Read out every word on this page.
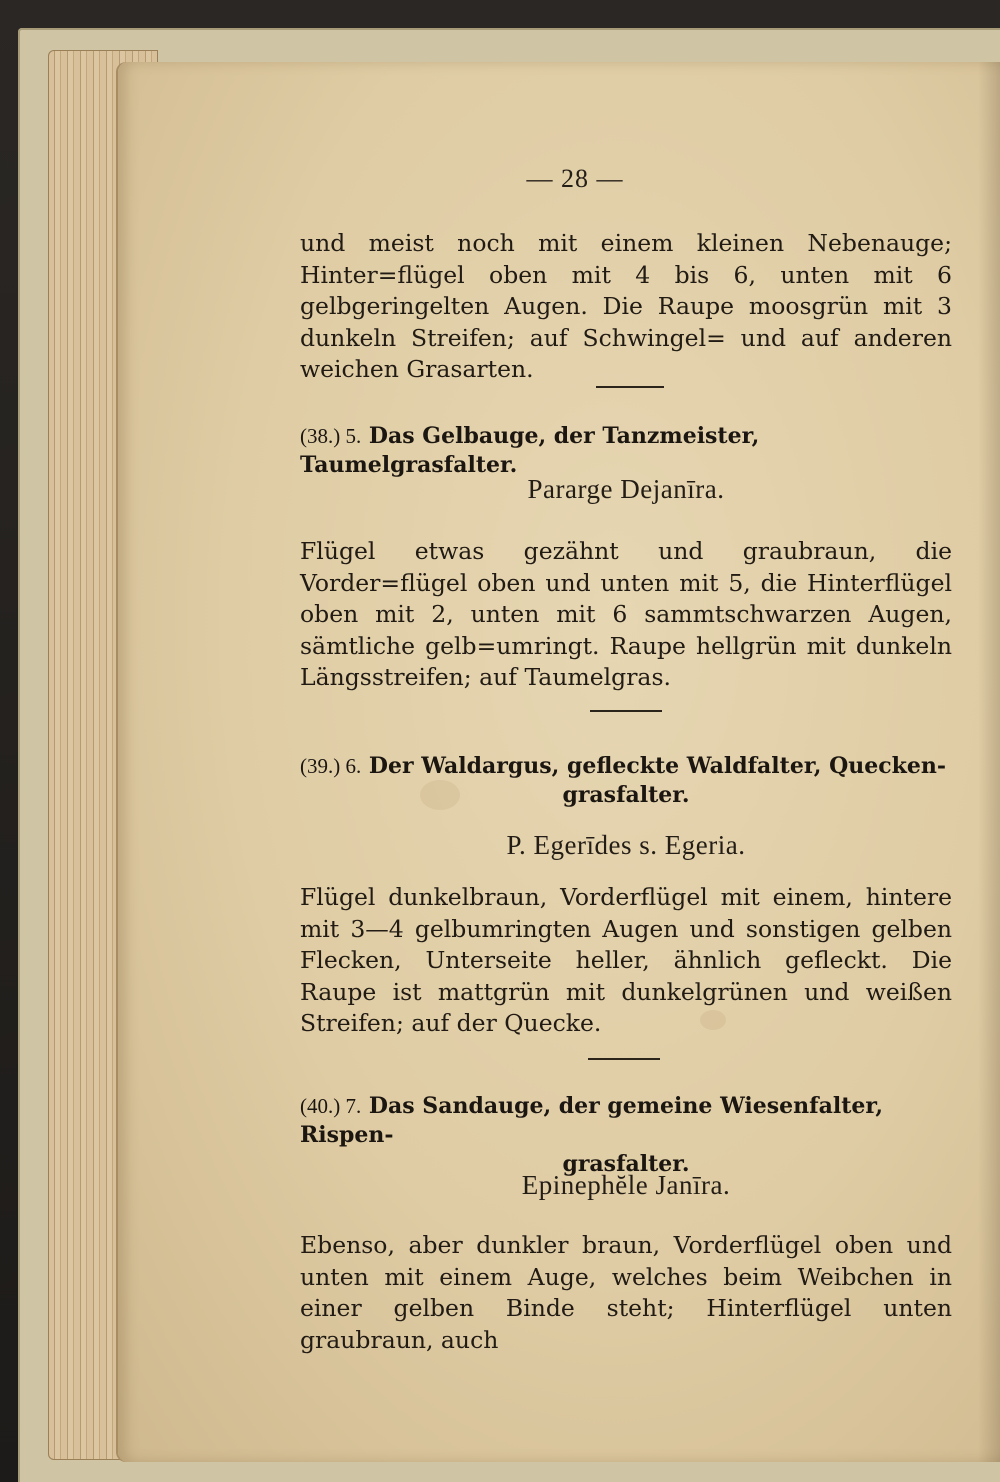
— 28 —
und meist noch mit einem kleinen Nebenauge; Hinter=flügel oben mit 4 bis 6, unten mit 6 gelbgeringelten Augen. Die Raupe moosgrün mit 3 dunkeln Streifen; auf Schwingel= und auf anderen weichen Grasarten.
(38.) 5. Das Gelbauge, der Tanzmeister, Taumelgrasfalter.
Pararge Dejanīra.
Flügel etwas gezähnt und graubraun, die Vorder=flügel oben und unten mit 5, die Hinterflügel oben mit 2, unten mit 6 sammtschwarzen Augen, sämtliche gelb=umringt. Raupe hellgrün mit dunkeln Längsstreifen; auf Taumelgras.
(39.) 6. Der Waldargus, gefleckte Waldfalter, Quecken-
grasfalter.
P. Egerīdes s. Egeria.
Flügel dunkelbraun, Vorderflügel mit einem, hintere mit 3—4 gelbumringten Augen und sonstigen gelben Flecken, Unterseite heller, ähnlich gefleckt. Die Raupe ist mattgrün mit dunkelgrünen und weißen Streifen; auf der Quecke.
(40.) 7. Das Sandauge, der gemeine Wiesenfalter, Rispen-
grasfalter.
Epinephĕle Janīra.
Ebenso, aber dunkler braun, Vorderflügel oben und unten mit einem Auge, welches beim Weibchen in einer gelben Binde steht; Hinterflügel unten graubraun, auch
